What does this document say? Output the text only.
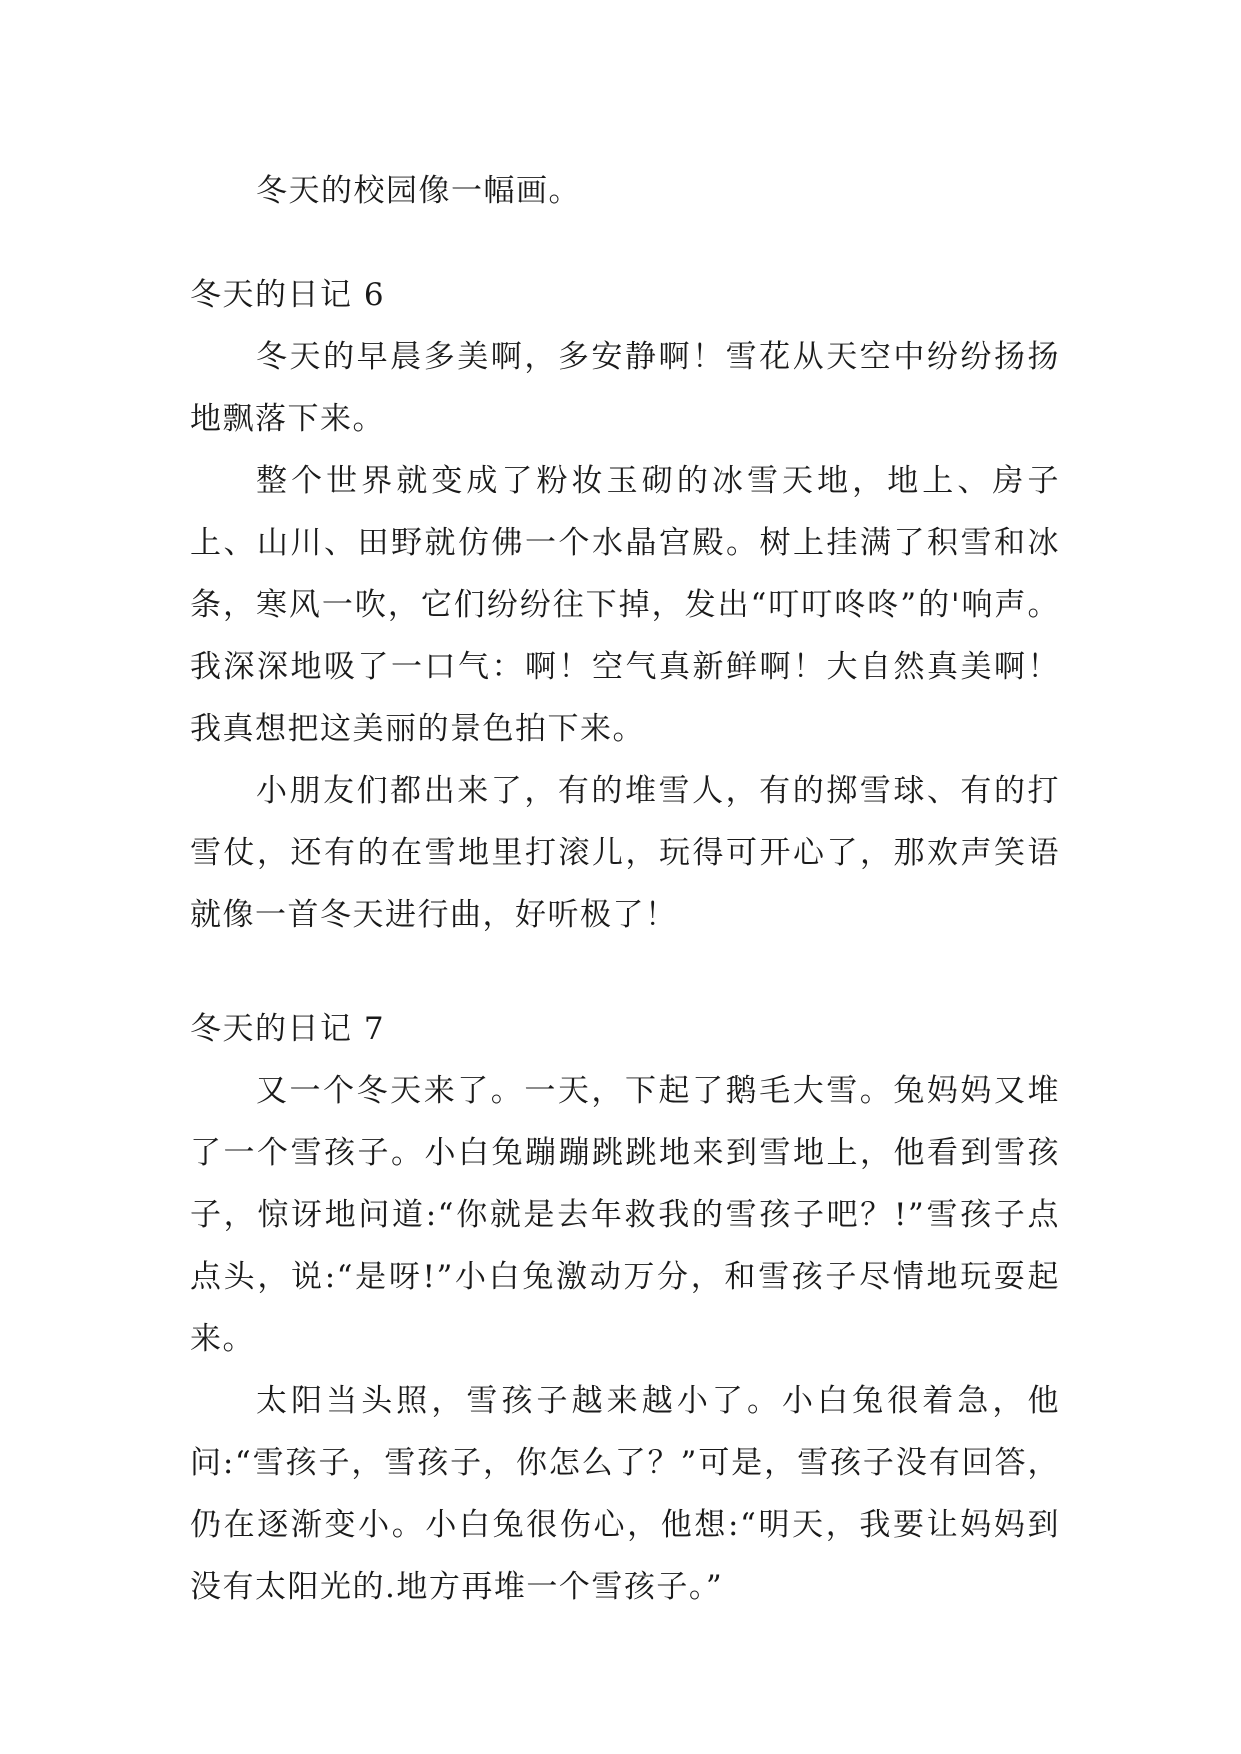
冬天的校园像一幅画。

冬天的日记 6

冬天的早晨多美啊，多安静啊！雪花从天空中纷纷扬扬地飘落下来。

整个世界就变成了粉妆玉砌的冰雪天地，地上、房子上、山川、田野就仿佛一个水晶宫殿。树上挂满了积雪和冰条，寒风一吹，它们纷纷往下掉，发出“叮叮咚咚”的'响声。我深深地吸了一口气：啊！空气真新鲜啊！大自然真美啊！我真想把这美丽的景色拍下来。

小朋友们都出来了，有的堆雪人，有的掷雪球、有的打雪仗，还有的在雪地里打滚儿，玩得可开心了，那欢声笑语就像一首冬天进行曲，好听极了！

冬天的日记 7

又一个冬天来了。一天，下起了鹅毛大雪。兔妈妈又堆了一个雪孩子。小白兔蹦蹦跳跳地来到雪地上，他看到雪孩子，惊讶地问道:“你就是去年救我的雪孩子吧？!”雪孩子点点头，说:“是呀!”小白兔激动万分，和雪孩子尽情地玩耍起来。

太阳当头照，雪孩子越来越小了。小白兔很着急，他问:“雪孩子，雪孩子，你怎么了？”可是，雪孩子没有回答，仍在逐渐变小。小白兔很伤心，他想:“明天，我要让妈妈到没有太阳光的.地方再堆一个雪孩子。”
